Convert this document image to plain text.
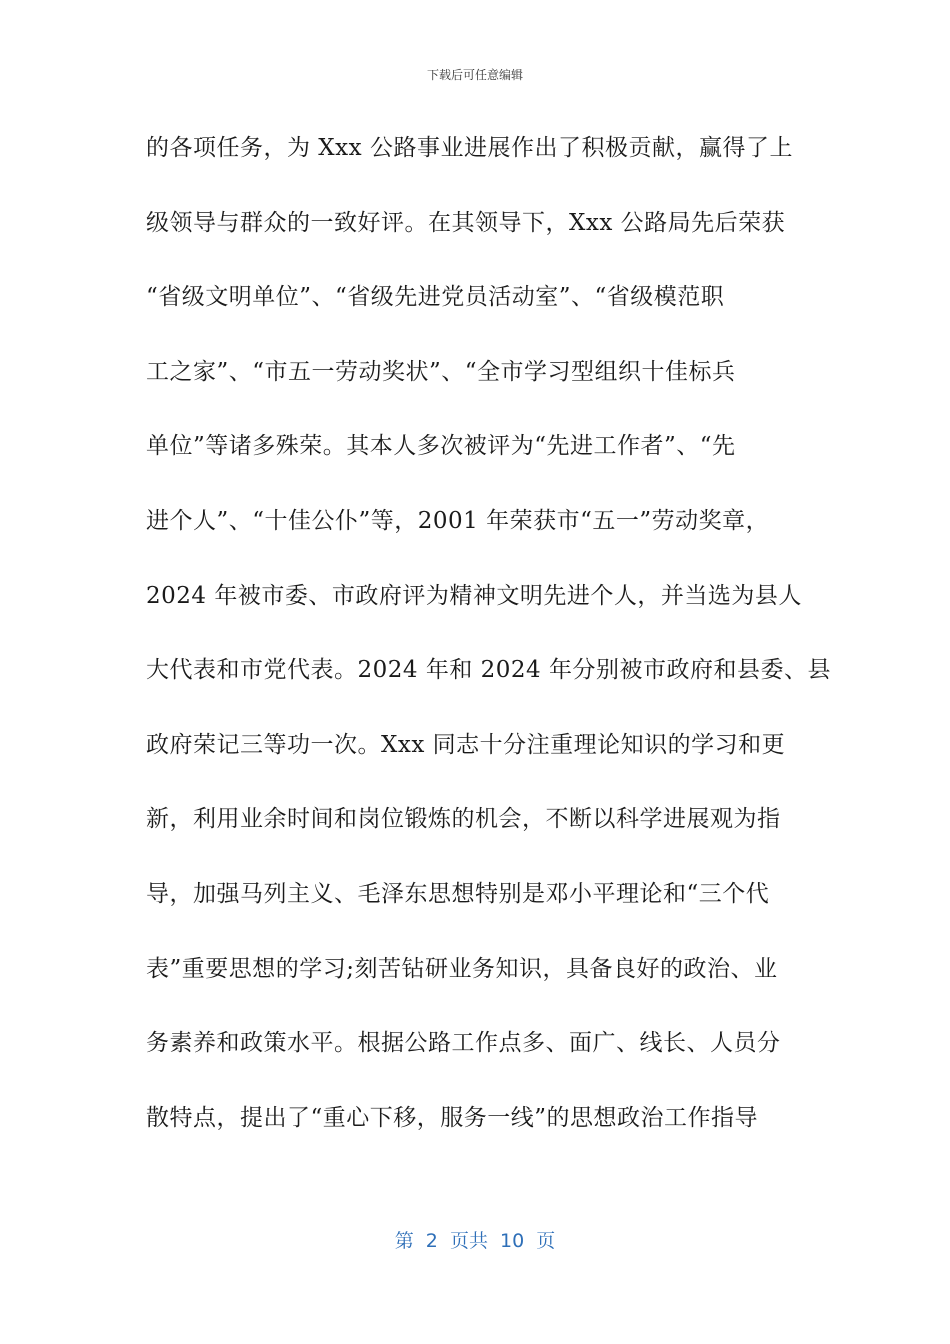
下载后可任意编辑
的各项任务，为 Xxx 公路事业进展作出了积极贡献，赢得了上
级领导与群众的一致好评。在其领导下，Xxx 公路局先后荣获
“省级文明单位”、“省级先进党员活动室”、“省级模范职
工之家”、“市五一劳动奖状”、“全市学习型组织十佳标兵
单位”等诸多殊荣。其本人多次被评为“先进工作者”、“先
进个人”、“十佳公仆”等，2001 年荣获市“五一”劳动奖章，
2024 年被市委、市政府评为精神文明先进个人，并当选为县人
大代表和市党代表。2024 年和 2024 年分别被市政府和县委、县
政府荣记三等功一次。Xxx 同志十分注重理论知识的学习和更
新，利用业余时间和岗位锻炼的机会，不断以科学进展观为指
导，加强马列主义、毛泽东思想特别是邓小平理论和“三个代
表”重要思想的学习;刻苦钻研业务知识，具备良好的政治、业
务素养和政策水平。根据公路工作点多、面广、线长、人员分
散特点，提出了“重心下移，服务一线”的思想政治工作指导
第  2  页共  10  页
